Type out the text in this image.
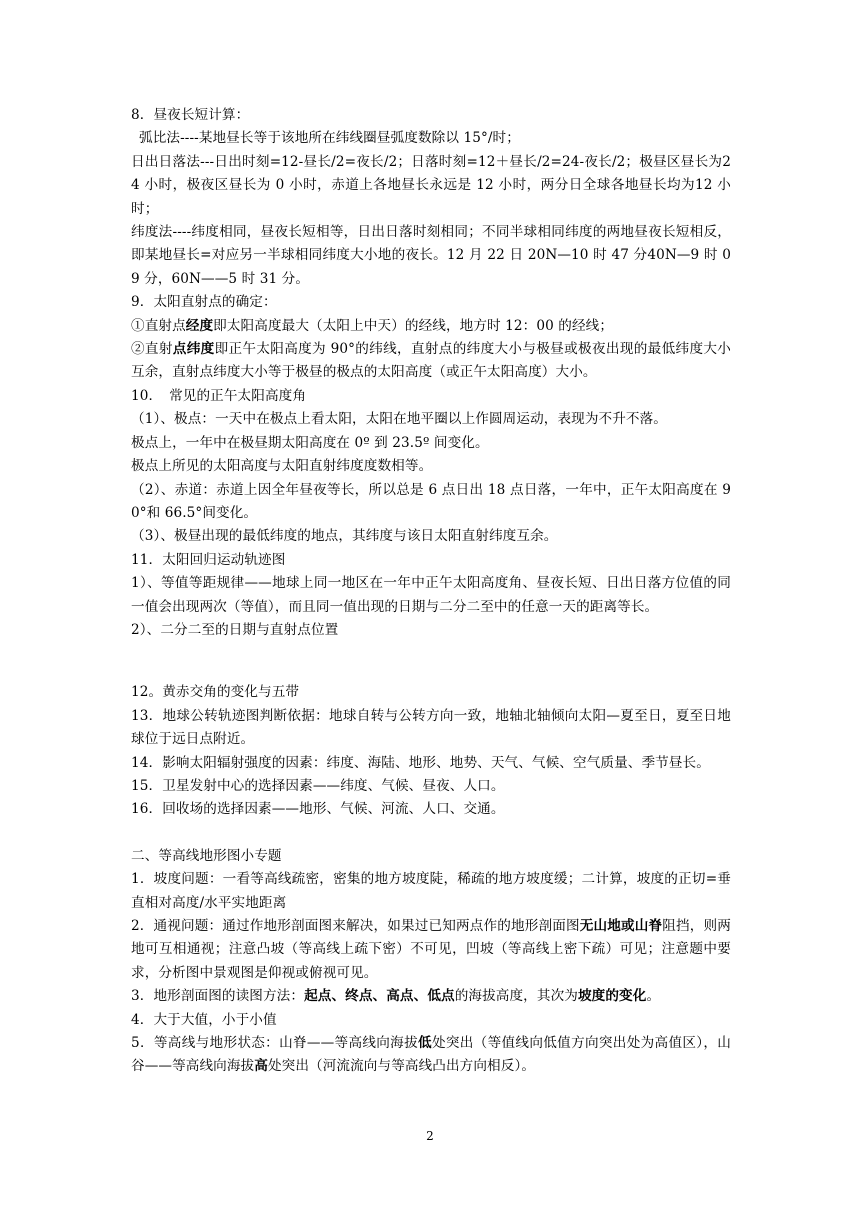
8．昼夜长短计算：

弧比法----某地昼长等于该地所在纬线圈昼弧度数除以 15°/时；

日出日落法---日出时刻=12-昼长/2=夜长/2；日落时刻=12＋昼长/2=24-夜长/2；极昼区昼长为24 小时，极夜区昼长为 0 小时，赤道上各地昼长永远是 12 小时，两分日全球各地昼长均为12 小时；

纬度法----纬度相同，昼夜长短相等，日出日落时刻相同；不同半球相同纬度的两地昼夜长短相反，即某地昼长=对应另一半球相同纬度大小地的夜长。12 月 22 日 20N—10 时 47 分40N—9 时 09 分，60N——5 时 31 分。

9．太阳直射点的确定：

①直射点经度即太阳高度最大（太阳上中天）的经线，地方时 12：00 的经线；

②直射点纬度即正午太阳高度为 90°的纬线，直射点的纬度大小与极昼或极夜出现的最低纬度大小互余，直射点纬度大小等于极昼的极点的太阳高度（或正午太阳高度）大小。

10．　常见的正午太阳高度角

（1）、极点：一天中在极点上看太阳，太阳在地平圈以上作圆周运动，表现为不升不落。

极点上，一年中在极昼期太阳高度在 0º 到 23.5º 间变化。

极点上所见的太阳高度与太阳直射纬度度数相等。

（2）、赤道：赤道上因全年昼夜等长，所以总是 6 点日出 18 点日落，一年中，正午太阳高度在 90°和 66.5°间变化。

（3）、极昼出现的最低纬度的地点，其纬度与该日太阳直射纬度互余。

11．太阳回归运动轨迹图

1）、等值等距规律——地球上同一地区在一年中正午太阳高度角、昼夜长短、日出日落方位值的同一值会出现两次（等值），而且同一值出现的日期与二分二至中的任意一天的距离等长。

2）、二分二至的日期与直射点位置

12。黄赤交角的变化与五带

13．地球公转轨迹图判断依据：地球自转与公转方向一致，地轴北轴倾向太阳—夏至日，夏至日地球位于远日点附近。

14．影响太阳辐射强度的因素：纬度、海陆、地形、地势、天气、气候、空气质量、季节昼长。

15．卫星发射中心的选择因素——纬度、气候、昼夜、人口。

16．回收场的选择因素——地形、气候、河流、人口、交通。

二、等高线地形图小专题

1．坡度问题：一看等高线疏密，密集的地方坡度陡，稀疏的地方坡度缓；二计算，坡度的正切=垂直相对高度/水平实地距离

2．通视问题：通过作地形剖面图来解决，如果过已知两点作的地形剖面图无山地或山脊阻挡，则两地可互相通视；注意凸坡（等高线上疏下密）不可见，凹坡（等高线上密下疏）可见；注意题中要求，分析图中景观图是仰视或俯视可见。

3．地形剖面图的读图方法：起点、终点、高点、低点的海拔高度，其次为坡度的变化。

4．大于大值，小于小值

5．等高线与地形状态：山脊——等高线向海拔低处突出（等值线向低值方向突出处为高值区），山谷——等高线向海拔高处突出（河流流向与等高线凸出方向相反）。

2
